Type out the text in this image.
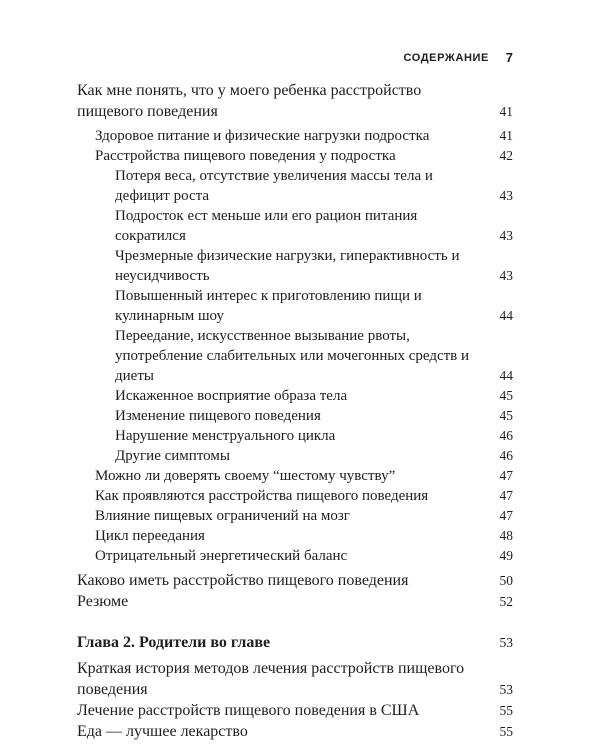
СОДЕРЖАНИЕ 7
Как мне понять, что у моего ребенка расстройство пищевого поведения	41
Здоровое питание и физические нагрузки подростка	41
Расстройства пищевого поведения у подростка	42
Потеря веса, отсутствие увеличения массы тела и дефицит роста	43
Подросток ест меньше или его рацион питания сократился	43
Чрезмерные физические нагрузки, гиперактивность и неусидчивость	43
Повышенный интерес к приготовлению пищи и кулинарным шоу	44
Переедание, искусственное вызывание рвоты, употребление слабительных или мочегонных средств и диеты	44
Искаженное восприятие образа тела	45
Изменение пищевого поведения	45
Нарушение менструального цикла	46
Другие симптомы	46
Можно ли доверять своему “шестому чувству”	47
Как проявляются расстройства пищевого поведения	47
Влияние пищевых ограничений на мозг	47
Цикл переедания	48
Отрицательный энергетический баланс	49
Каково иметь расстройство пищевого поведения	50
Резюме	52
Глава 2. Родители во главе	53
Краткая история методов лечения расстройств пищевого поведения	53
Лечение расстройств пищевого поведения в США	55
Еда — лучшее лекарство	55
